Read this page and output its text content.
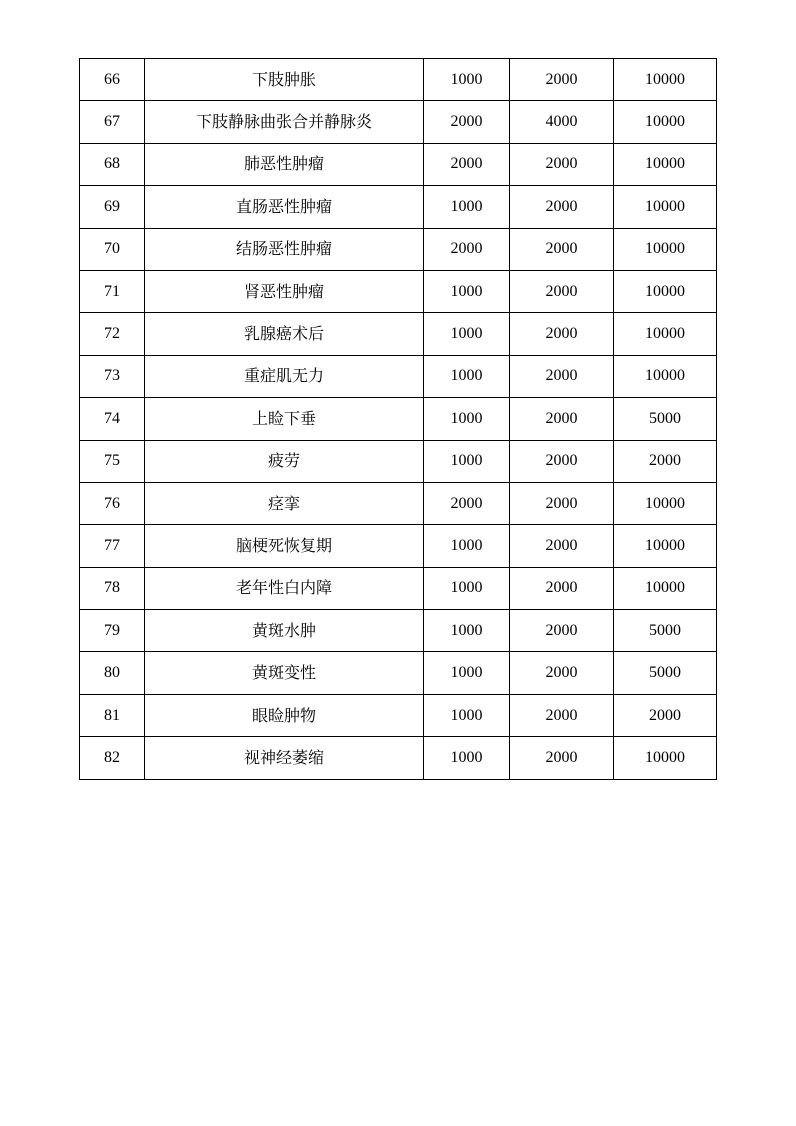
66	下肢肿胀	1000	2000	10000
67	下肢静脉曲张合并静脉炎	2000	4000	10000
68	肺恶性肿瘤	2000	2000	10000
69	直肠恶性肿瘤	1000	2000	10000
70	结肠恶性肿瘤	2000	2000	10000
71	肾恶性肿瘤	1000	2000	10000
72	乳腺癌术后	1000	2000	10000
73	重症肌无力	1000	2000	10000
74	上睑下垂	1000	2000	5000
75	疲劳	1000	2000	2000
76	痉挛	2000	2000	10000
77	脑梗死恢复期	1000	2000	10000
78	老年性白内障	1000	2000	10000
79	黄斑水肿	1000	2000	5000
80	黄斑变性	1000	2000	5000
81	眼睑肿物	1000	2000	2000
82	视神经萎缩	1000	2000	10000
